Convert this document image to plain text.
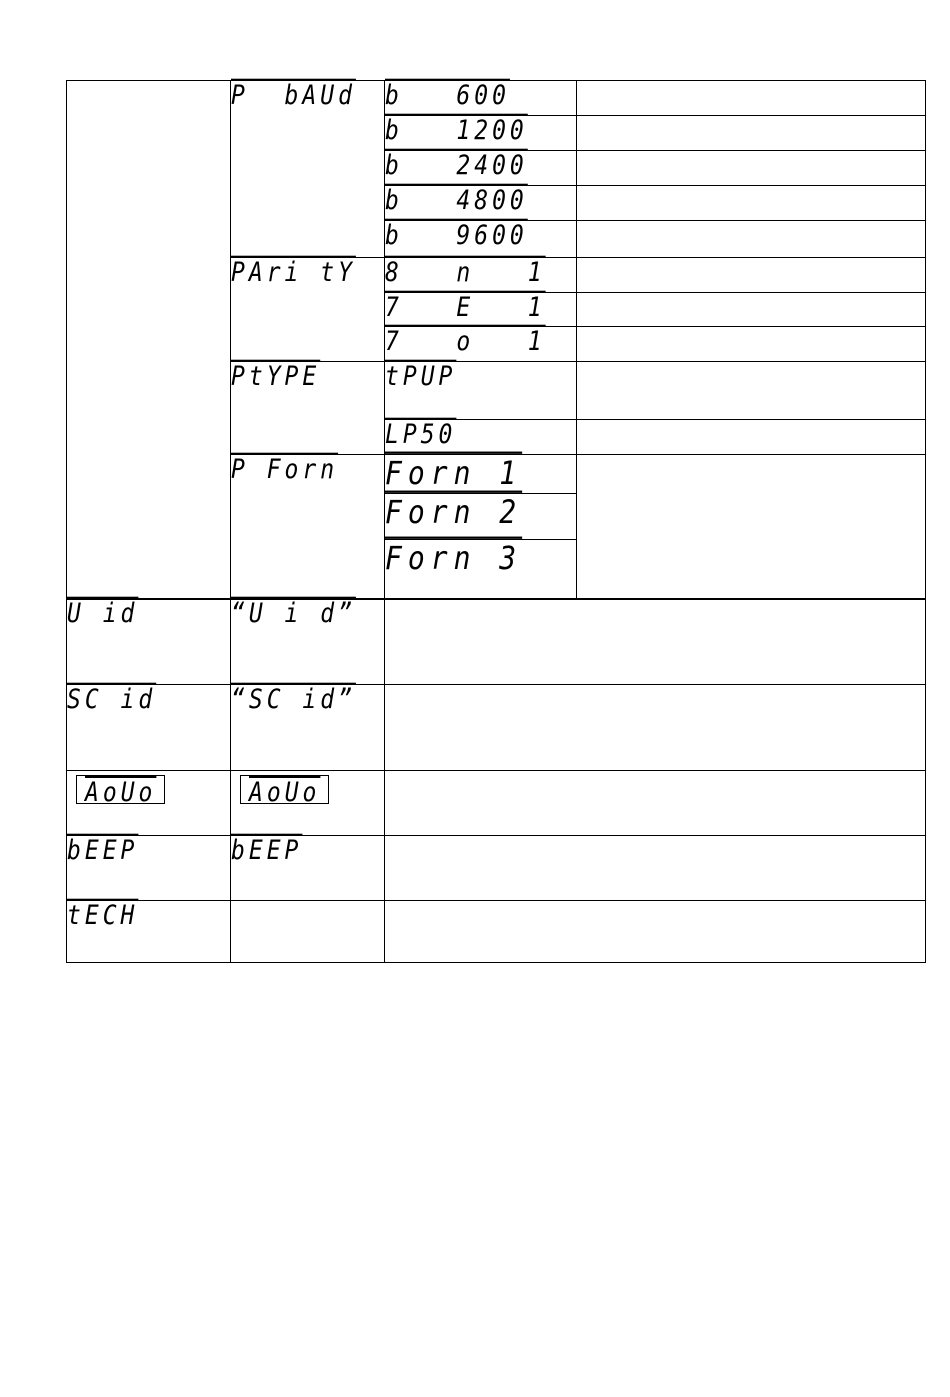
	P  bAUd	b   600	
		b   1200	
		b   2400	
		b   4800	
		b   9600	
	PAri tY	8   n   1	
		7   E   1	
		7   o   1	
	PtYPE	tPUP	
		LP50	
	P Forn	Forn 1	
		Forn 2	
		Forn 3	
U id	“U i d”	
SC id	“SC id”	
AoUo	AoUo	
bEEP	bEEP	
tECH		
